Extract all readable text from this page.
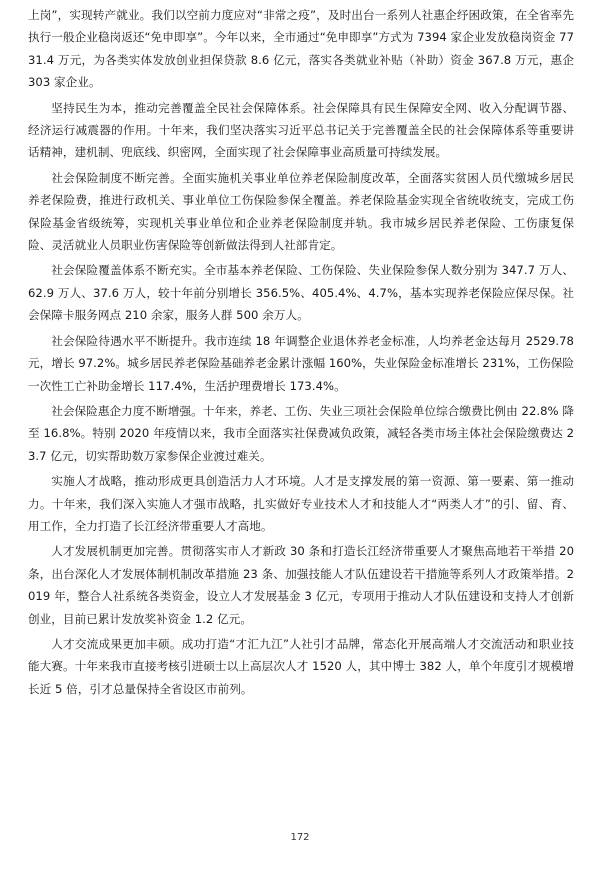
上岗”，实现转产就业。我们以空前力度应对“非常之疫”，及时出台一系列人社惠企纾困政策，在全省率先执行一般企业稳岗返还“免申即享”。今年以来，全市通过“免申即享”方式为 7394 家企业发放稳岗资金 7731.4 万元，为各类实体发放创业担保贷款 8.6 亿元，落实各类就业补贴（补助）资金 367.8 万元，惠企 303 家企业。

坚持民生为本，推动完善覆盖全民社会保障体系。社会保障具有民生保障安全网、收入分配调节器、经济运行减震器的作用。十年来，我们坚决落实习近平总书记关于完善覆盖全民的社会保障体系等重要讲话精神，建机制、兜底线、织密网，全面实现了社会保障事业高质量可持续发展。

社会保险制度不断完善。全面实施机关事业单位养老保险制度改革，全面落实贫困人员代缴城乡居民养老保险费，推进行政机关、事业单位工伤保险参保全覆盖。养老保险基金实现全省统收统支，完成工伤保险基金省级统筹，实现机关事业单位和企业养老保险制度并轨。我市城乡居民养老保险、工伤康复保险、灵活就业人员职业伤害保险等创新做法得到人社部肯定。

社会保险覆盖体系不断充实。全市基本养老保险、工伤保险、失业保险参保人数分别为 347.7 万人、62.9 万人、37.6 万人，较十年前分别增长 356.5%、405.4%、4.7%，基本实现养老保险应保尽保。社会保障卡服务网点 210 余家，服务人群 500 余万人。

社会保险待遇水平不断提升。我市连续 18 年调整企业退休养老金标准，人均养老金达每月 2529.78 元，增长 97.2%。城乡居民养老保险基础养老金累计涨幅 160%，失业保险金标准增长 231%，工伤保险一次性工亡补助金增长 117.4%，生活护理费增长 173.4%。

社会保险惠企力度不断增强。十年来，养老、工伤、失业三项社会保险单位综合缴费比例由 22.8% 降至 16.8%。特别 2020 年疫情以来，我市全面落实社保费减负政策，减轻各类市场主体社会保险缴费达 23.7 亿元，切实帮助数万家参保企业渡过难关。

实施人才战略，推动形成更具创造活力人才环境。人才是支撑发展的第一资源、第一要素、第一推动力。十年来，我们深入实施人才强市战略，扎实做好专业技术人才和技能人才“两类人才”的引、留、育、用工作，全力打造了长江经济带重要人才高地。

人才发展机制更加完善。贯彻落实市人才新政 30 条和打造长江经济带重要人才聚焦高地若干举措 20 条，出台深化人才发展体制机制改革措施 23 条、加强技能人才队伍建设若干措施等系列人才政策举措。2019 年，整合人社系统各类资金，设立人才发展基金 3 亿元，专项用于推动人才队伍建设和支持人才创新创业，目前已累计发放奖补资金 1.2 亿元。

人才交流成果更加丰硕。成功打造“才汇九江”人社引才品牌，常态化开展高端人才交流活动和职业技能大赛。十年来我市直接考核引进硕士以上高层次人才 1520 人，其中博士 382 人，单个年度引才规模增长近 5 倍，引才总量保持全省设区市前列。

172
